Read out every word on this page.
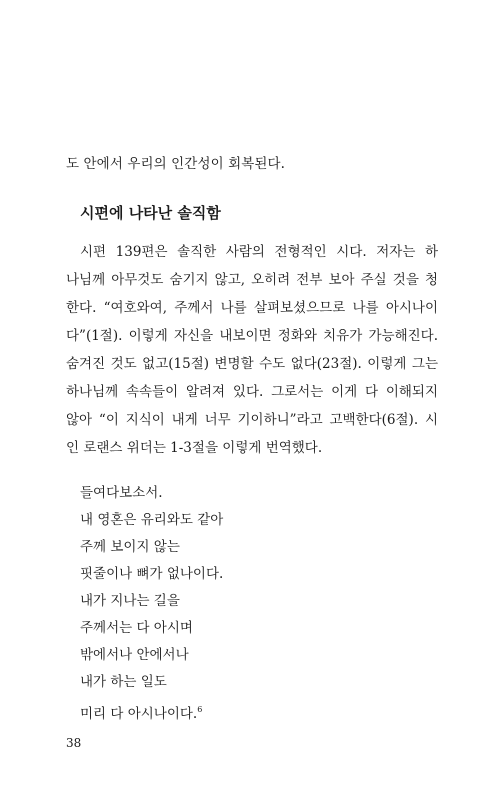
도 안에서 우리의 인간성이 회복된다.
시편에 나타난 솔직함
시편 139편은 솔직한 사람의 전형적인 시다. 저자는 하
나님께 아무것도 숨기지 않고, 오히려 전부 보아 주실 것을 청
한다. “여호와여, 주께서 나를 살펴보셨으므로 나를 아시나이
다”(1절). 이렇게 자신을 내보이면 정화와 치유가 가능해진다.
숨겨진 것도 없고(15절) 변명할 수도 없다(23절). 이렇게 그는
하나님께 속속들이 알려져 있다. 그로서는 이게 다 이해되지
않아 “이 지식이 내게 너무 기이하니”라고 고백한다(6절). 시
인 로랜스 위더는 1-3절을 이렇게 번역했다.
들여다보소서.
내 영혼은 유리와도 같아
주께 보이지 않는
핏줄이나 뼈가 없나이다.
내가 지나는 길을
주께서는 다 아시며
밖에서나 안에서나
내가 하는 일도
미리 다 아시나이다.$^6$
38
